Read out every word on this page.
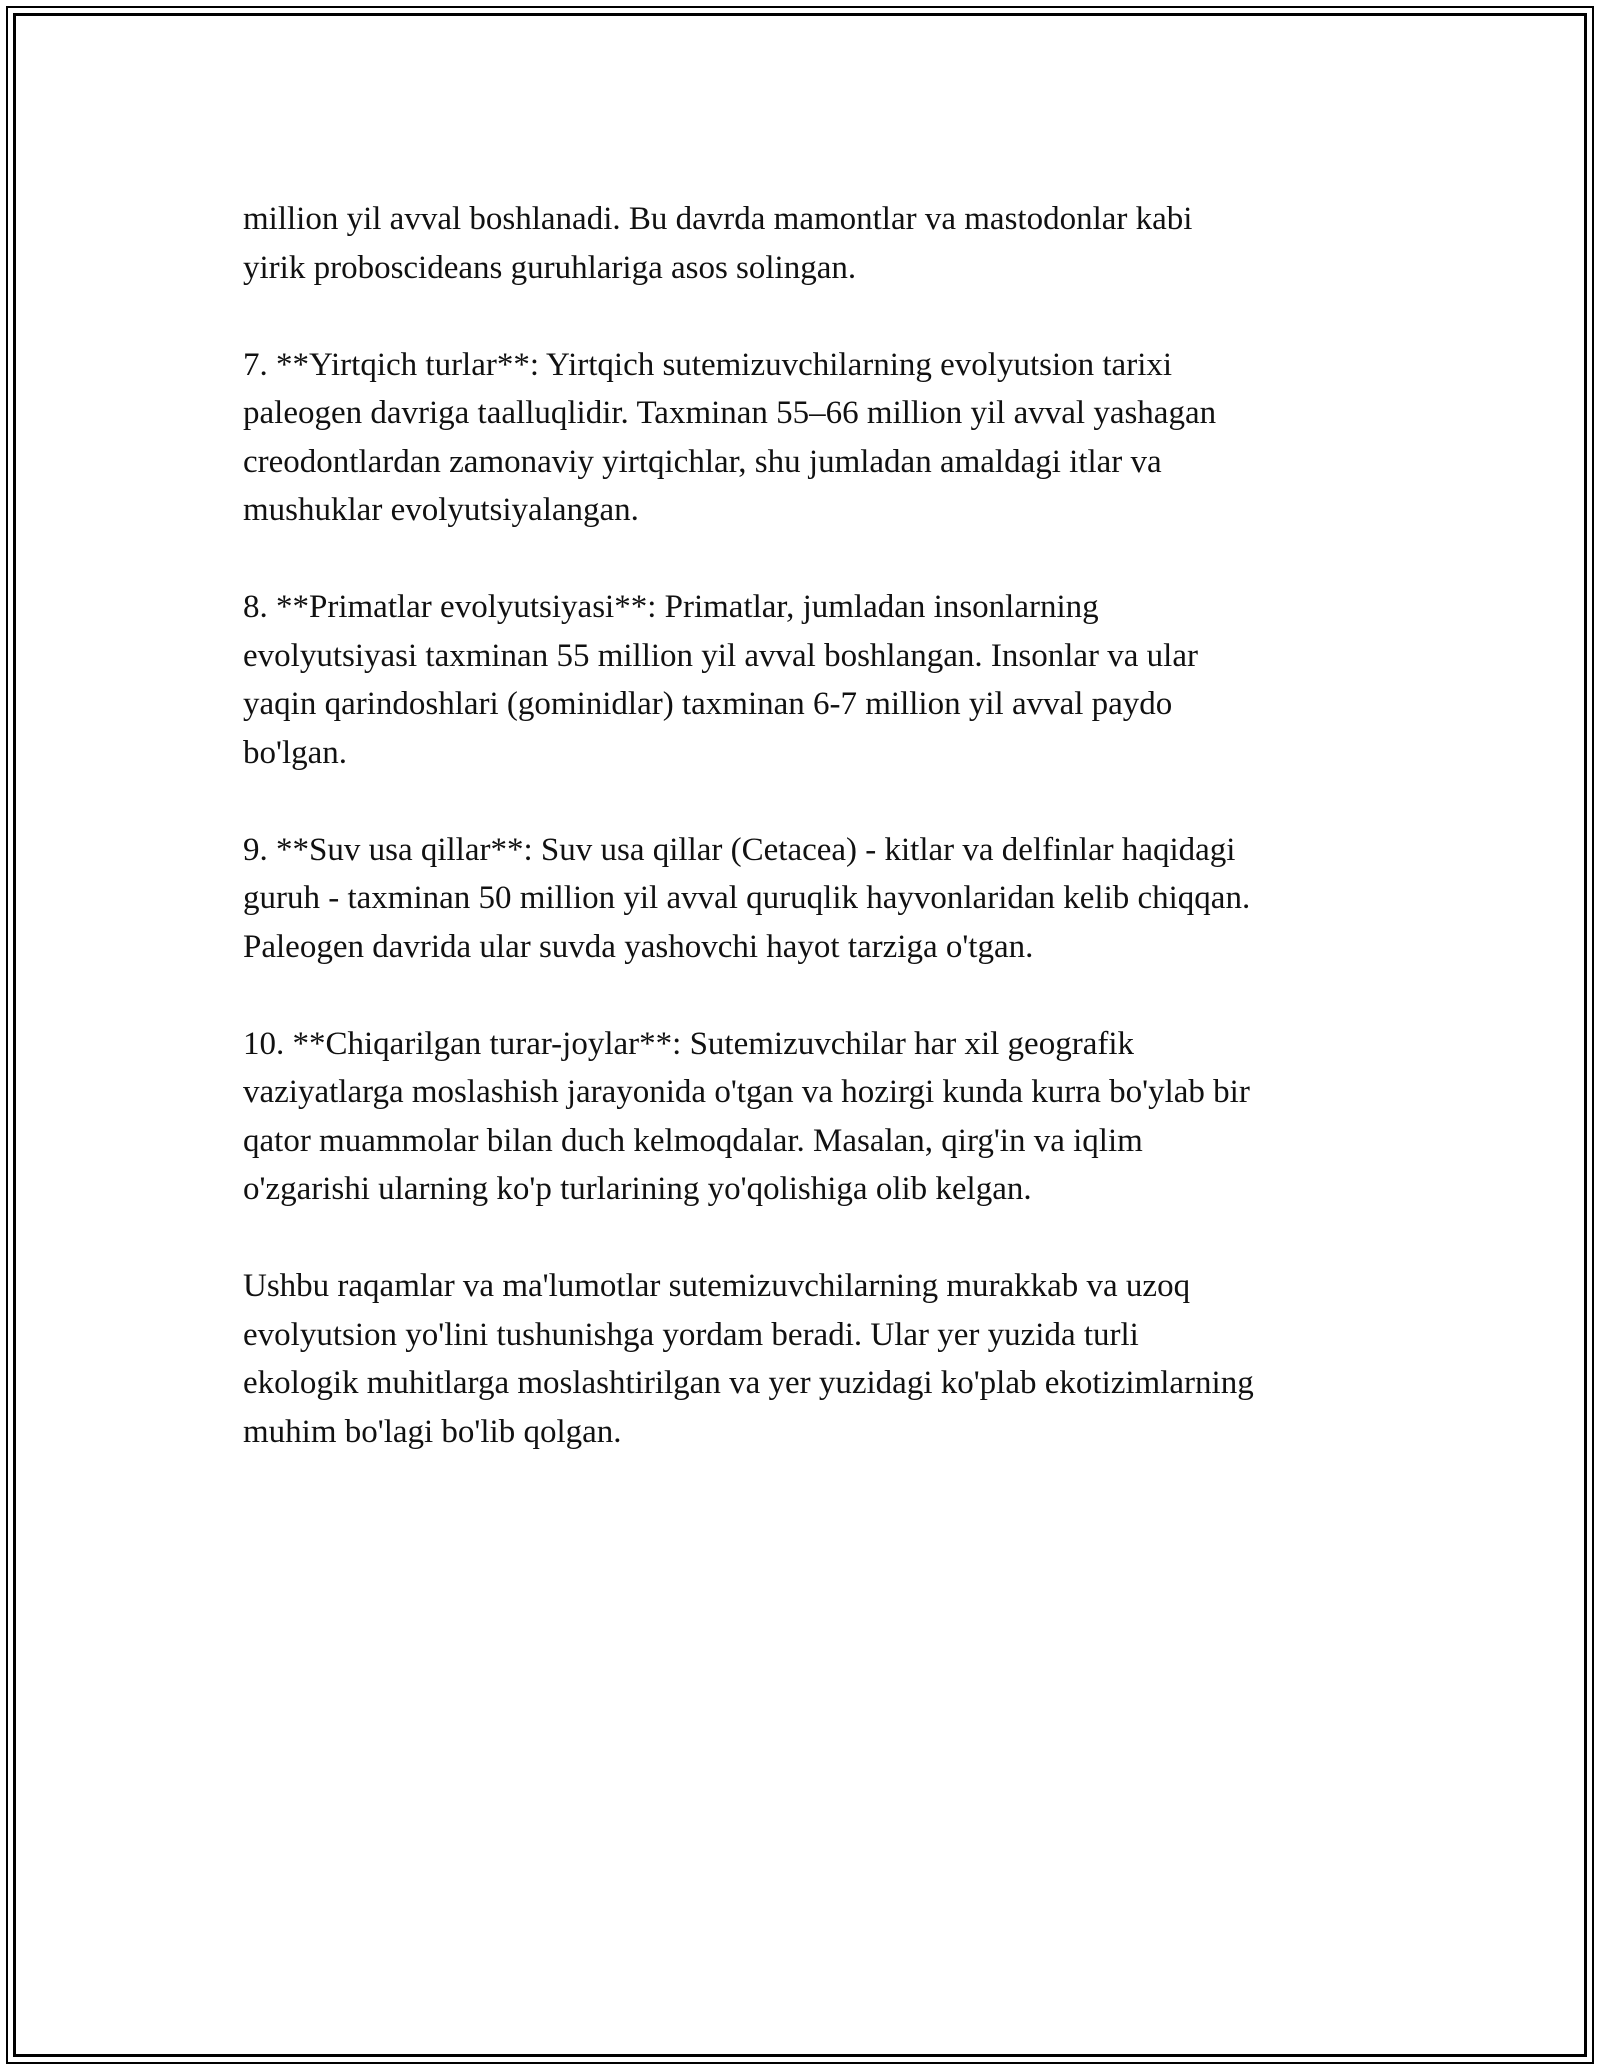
million yil avval boshlanadi. Bu davrda mamontlar va mastodonlar kabi
yirik proboscideans guruhlariga asos solingan.

7. **Yirtqich turlar**: Yirtqich sutemizuvchilarning evolyutsion tarixi
paleogen davriga taalluqlidir. Taxminan 55–66 million yil avval yashagan
creodontlardan zamonaviy yirtqichlar, shu jumladan amaldagi itlar va
mushuklar evolyutsiyalangan.

8. **Primatlar evolyutsiyasi**: Primatlar, jumladan insonlarning
evolyutsiyasi taxminan 55 million yil avval boshlangan. Insonlar va ular
yaqin qarindoshlari (gominidlar) taxminan 6-7 million yil avval paydo
bo'lgan.

9. **Suv usa qillar**: Suv usa qillar (Cetacea) - kitlar va delfinlar haqidagi
guruh - taxminan 50 million yil avval quruqlik hayvonlaridan kelib chiqqan.
Paleogen davrida ular suvda yashovchi hayot tarziga o'tgan.

10. **Chiqarilgan turar-joylar**: Sutemizuvchilar har xil geografik
vaziyatlarga moslashish jarayonida o'tgan va hozirgi kunda kurra bo'ylab bir
qator muammolar bilan duch kelmoqdalar. Masalan, qirg'in va iqlim
o'zgarishi ularning ko'p turlarining yo'qolishiga olib kelgan.

Ushbu raqamlar va ma'lumotlar sutemizuvchilarning murakkab va uzoq
evolyutsion yo'lini tushunishga yordam beradi. Ular yer yuzida turli
ekologik muhitlarga moslashtirilgan va yer yuzidagi ko'plab ekotizimlarning
muhim bo'lagi bo'lib qolgan.
